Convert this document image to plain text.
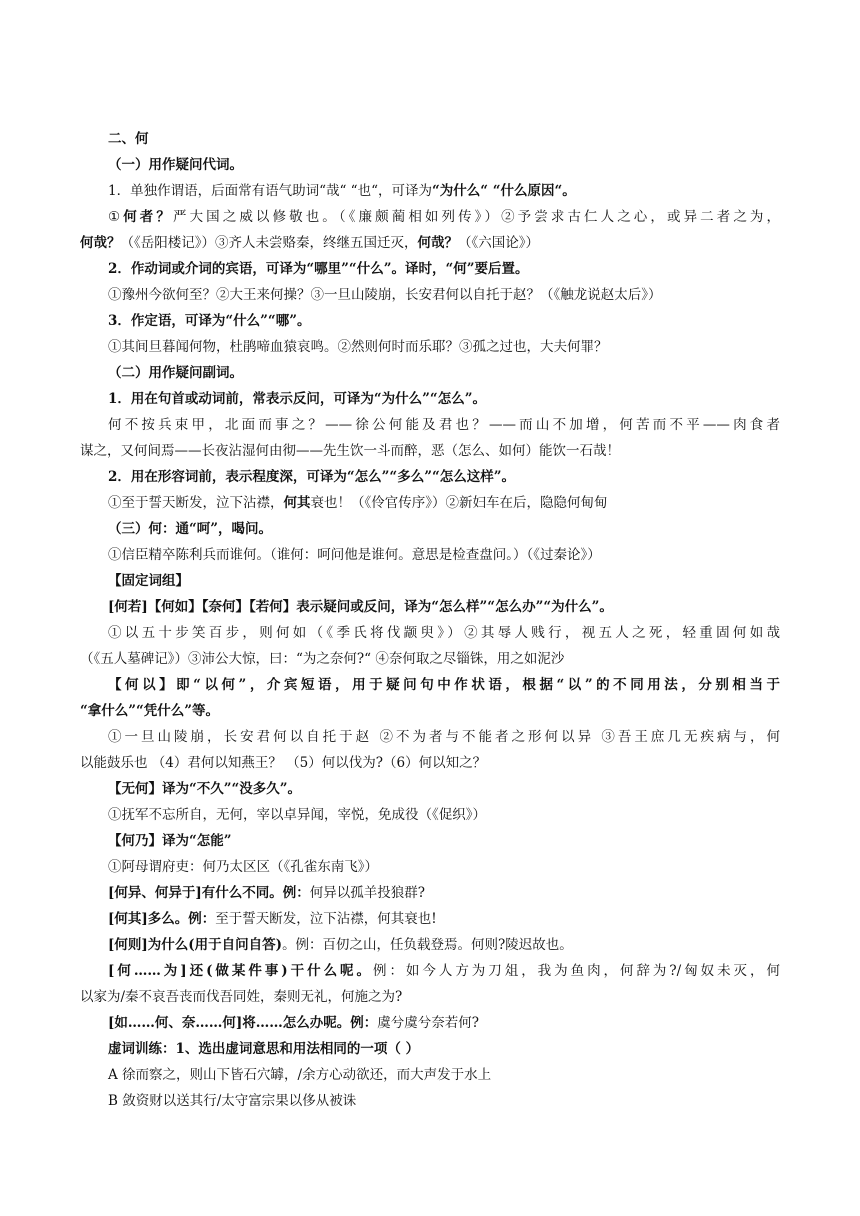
二、何
（一）用作疑问代词。
1．单独作谓语，后面常有语气助词“哉“ “也“，可译为“为什么“ “什么原因“。
①何者？严大国之威以修敬也。（《廉颇蔺相如列传》）②予尝求古仁人之心，或异二者之为，
何哉？（《岳阳楼记》）③齐人未尝赂秦，终继五国迁灭，何哉？（《六国论》）
2．作动词或介词的宾语，可译为“哪里”“什么”。译时，“何”要后置。
①豫州今欲何至？②大王来何操？③一旦山陵崩，长安君何以自托于赵？（《触龙说赵太后》）
3．作定语，可译为“什么”“哪”。
①其间旦暮闻何物，杜鹃啼血猿哀鸣。②然则何时而乐耶？③孤之过也，大夫何罪？
（二）用作疑问副词。
1．用在句首或动词前，常表示反问，可译为“为什么”“怎么”。
何不按兵束甲，北面而事之？——徐公何能及君也？——而山不加增，何苦而不平——肉食者
谋之，又何间焉——长夜沾湿何由彻——先生饮一斗而醉，恶（怎么、如何）能饮一石哉！
2．用在形容词前，表示程度深，可译为“怎么”“多么”“怎么这样”。
①至于誓天断发，泣下沾襟，何其衰也！（《伶官传序》）②新妇车在后，隐隐何甸甸
（三）何：通“呵”，喝问。
①信臣精卒陈利兵而谁何。（谁何：呵问他是谁何。意思是检查盘问。）（《过秦论》）
【固定词组】
[何若]【何如】【奈何】【若何】表示疑问或反问，译为“怎么样”“怎么办”“为什么”。
①以五十步笑百步，则何如（《季氏将伐颛臾》）②其辱人贱行，视五人之死，轻重固何如哉
（《五人墓碑记》）③沛公大惊，曰：“为之奈何?“ ④奈何取之尽锱铢，用之如泥沙
【何以】即“以何”，介宾短语，用于疑问句中作状语，根据“以”的不同用法，分别相当于
“拿什么”“凭什么”等。
①一旦山陵崩，长安君何以自托于赵 ②不为者与不能者之形何以异 ③吾王庶几无疾病与，何
以能鼓乐也 （4）君何以知燕王？ （5）何以伐为?（6）何以知之？
【无何】译为“不久”“没多久”。
①抚军不忘所自，无何，宰以卓异闻，宰悦，免成役（《促织》）
【何乃】译为“怎能”
①阿母谓府吏：何乃太区区（《孔雀东南飞》）
[何异、何异于]有什么不同。例：何异以孤羊投狼群?
[何其]多么。例：至于誓天断发，泣下沾襟，何其衰也!
[何则]为什么(用于自问自答)。例：百仞之山，任负载登焉。何则?陵迟故也。
[何……为]还(做某件事)干什么呢。例：如今人方为刀俎，我为鱼肉，何辞为?/匈奴未灭，何
以家为/秦不哀吾丧而伐吾同姓，秦则无礼，何施之为?
[如……何、奈……何]将……怎么办呢。例：虞兮虞兮奈若何?
虚词训练：1、选出虚词意思和用法相同的一项（ ）
A 徐而察之，则山下皆石穴罅，/余方心动欲还，而大声发于水上
B 敛资财以送其行/太守富宗果以侈从被诛
